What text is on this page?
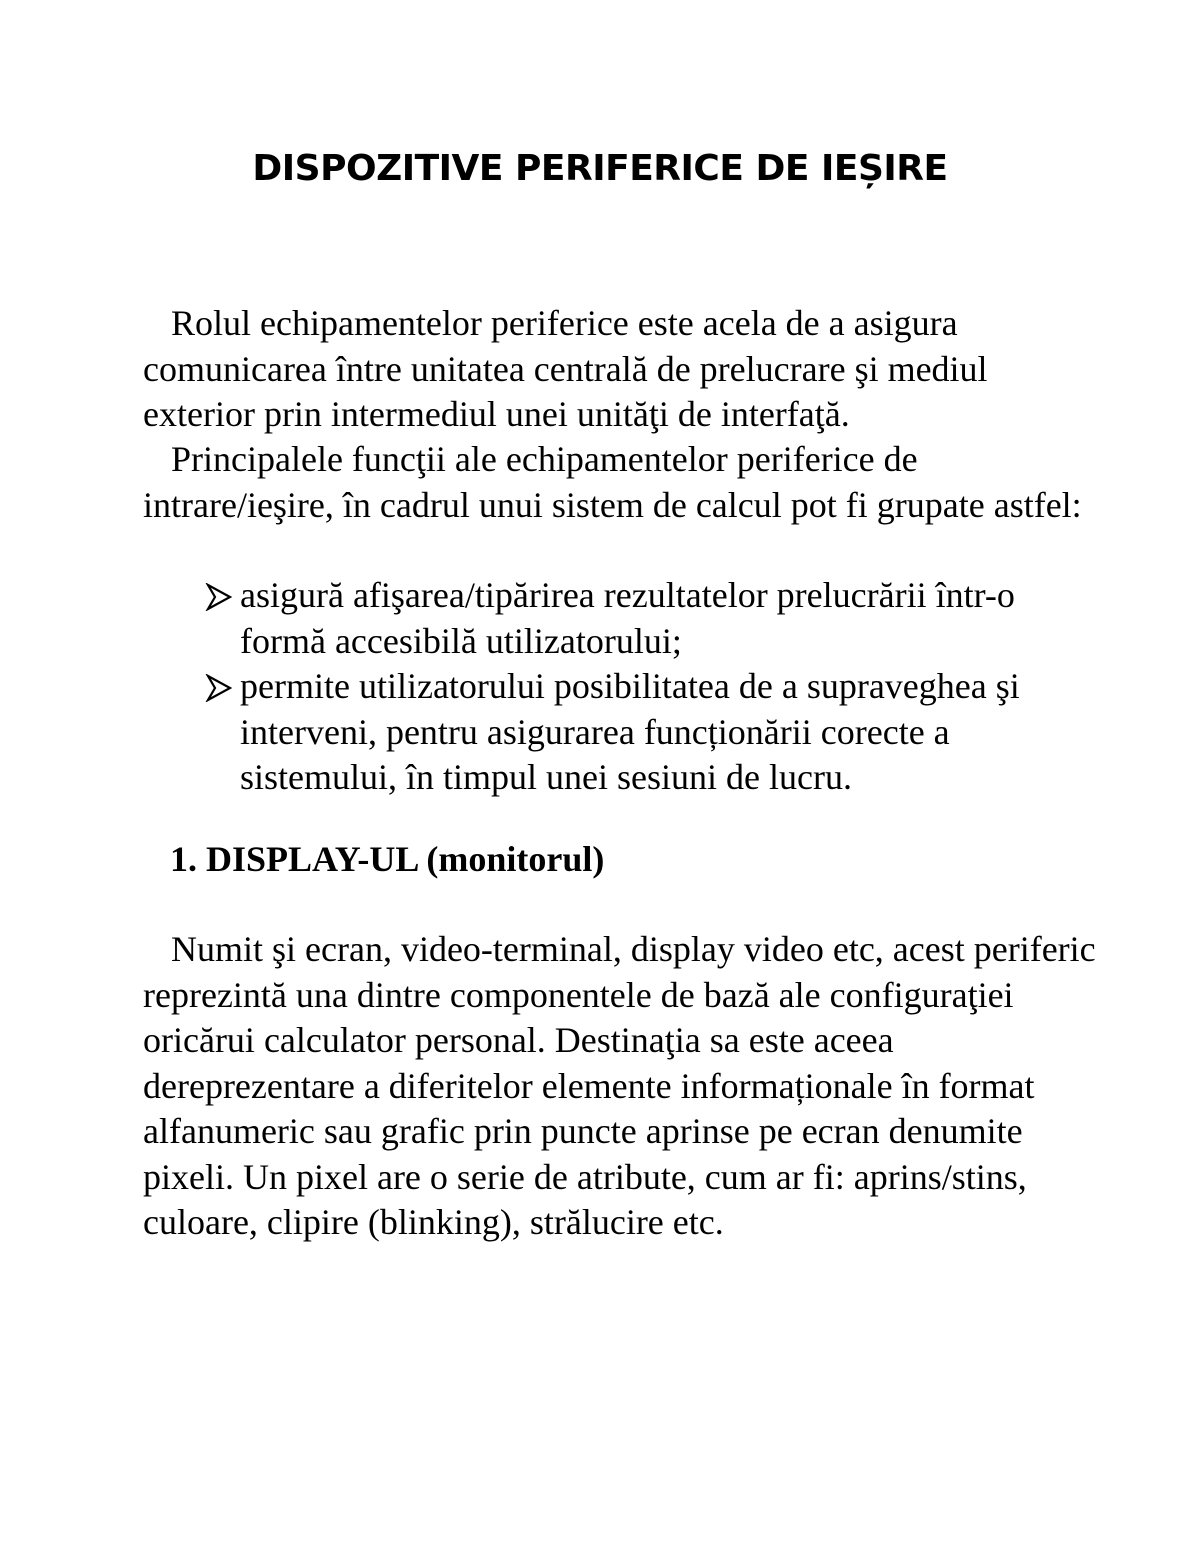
DISPOZITIVE PERIFERICE DE IEȘIRE

Rolul echipamentelor periferice este acela de a asigura comunicarea între unitatea centrală de prelucrare şi mediul exterior prin intermediul unei unităţi de interfaţă.

Principalele funcţii ale echipamentelor periferice de intrare/ieşire, în cadrul unui sistem de calcul pot fi grupate astfel:

asigură afişarea/tipărirea rezultatelor prelucrării într-o formă accesibilă utilizatorului;
permite utilizatorului posibilitatea de a supraveghea şi interveni, pentru asigurarea funcționării corecte a sistemului, în timpul unei sesiuni de lucru.
1. DISPLAY-UL (monitorul)

Numit şi ecran, video-terminal, display video etc, acest periferic reprezintă una dintre componentele de bază ale configuraţiei oricărui calculator personal. Destinaţia sa este aceea dereprezentare a diferitelor elemente informaționale în format alfanumeric sau grafic prin puncte aprinse pe ecran denumite pixeli. Un pixel are o serie de atribute, cum ar fi: aprins/stins, culoare, clipire (blinking), strălucire etc.
